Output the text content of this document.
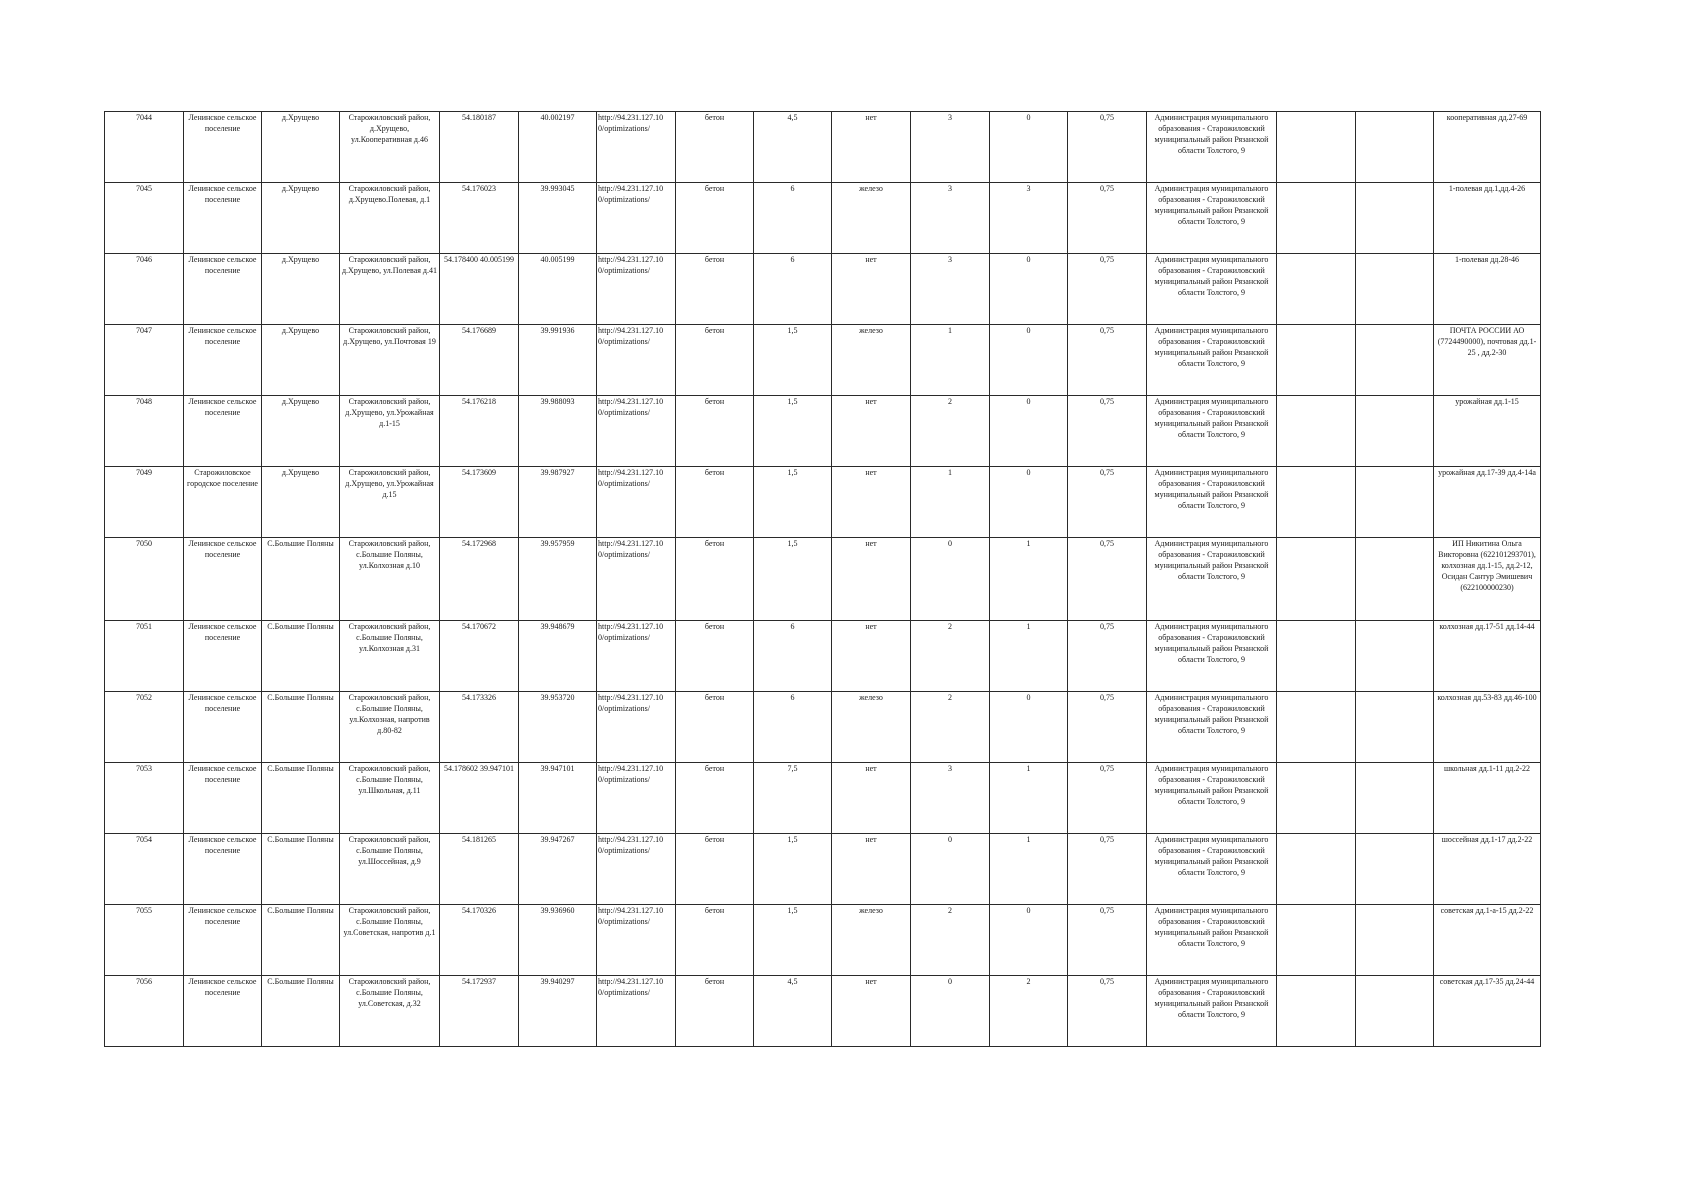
7044	Ленинское сельское поселение	д.Хрущево	Старожиловский район, д.Хрущево, ул.Кооперативная д.46	54.180187	40.002197	http://94.231.127.10 0/optimizations/	бетон	4,5	нет	3	0	0,75	Администрация муниципального образования - Старожиловский муниципальный район Рязанской области Толстого, 9			кооперативная дд.27-69

7045	Ленинское сельское поселение	д.Хрущево	Старожиловский район, д.Хрущево.Полевая, д.1	54.176023	39.993045	http://94.231.127.10 0/optimizations/	бетон	6	железо	3	3	0,75	Администрация муниципального образования - Старожиловский муниципальный район Рязанской области Толстого, 9			1-полевая дд.1,дд.4-26

7046	Ленинское сельское поселение	д.Хрущево	Старожиловский район, д.Хрущево, ул.Полевая д.41	54.178400 40.005199	40.005199	http://94.231.127.10 0/optimizations/	бетон	6	нет	3	0	0,75	Администрация муниципального образования - Старожиловский муниципальный район Рязанской области Толстого, 9			1-полевая дд.28-46

7047	Ленинское сельское поселение	д.Хрущево	Старожиловский район, д.Хрущево, ул.Почтовая 19	54.176689	39.991936	http://94.231.127.10 0/optimizations/	бетон	1,5	железо	1	0	0,75	Администрация муниципального образования - Старожиловский муниципальный район Рязанской области Толстого, 9			ПОЧТА РОССИИ АО (7724490000), почтовая дд.1-25 , дд.2-30

7048	Ленинское сельское поселение	д.Хрущево	Старожиловский район, д.Хрущево, ул.Урожайная д.1-15	54.176218	39.988093	http://94.231.127.10 0/optimizations/	бетон	1,5	нет	2	0	0,75	Администрация муниципального образования - Старожиловский муниципальный район Рязанской области Толстого, 9			урожайная дд.1-15

7049	Старожиловское городское поселение	д.Хрущево	Старожиловский район, д.Хрущево, ул.Урожайная д.15	54.173609	39.987927	http://94.231.127.10 0/optimizations/	бетон	1,5	нет	1	0	0,75	Администрация муниципального образования - Старожиловский муниципальный район Рязанской области Толстого, 9			урожайная дд.17-39 дд.4-14а

7050	Ленинское сельское поселение	С.Большие Поляны	Старожиловский район, с.Большие Поляны, ул.Колхозная д.10	54.172968	39.957959	http://94.231.127.10 0/optimizations/	бетон	1,5	нет	0	1	0,75	Администрация муниципального образования - Старожиловский муниципальный район Рязанской области Толстого, 9			ИП Никитина Ольга Викторовна (622101293701), колхозная дд.1-15, дд.2-12, Осидан Сантур Эмишевич (622100000230)

7051	Ленинское сельское поселение	С.Большие Поляны	Старожиловский район, с.Большие Поляны, ул.Колхозная д.31	54.170672	39.948679	http://94.231.127.10 0/optimizations/	бетон	6	нет	2	1	0,75	Администрация муниципального образования - Старожиловский муниципальный район Рязанской области Толстого, 9			колхозная дд.17-51 дд.14-44

7052	Ленинское сельское поселение	С.Большие Поляны	Старожиловский район, с.Большие Поляны, ул.Колхозная, напротив д.80-82	54.173326	39.953720	http://94.231.127.10 0/optimizations/	бетон	6	железо	2	0	0,75	Администрация муниципального образования - Старожиловский муниципальный район Рязанской области Толстого, 9			колхозная дд.53-83 дд.46-100

7053	Ленинское сельское поселение	С.Большие Поляны	Старожиловский район, с.Большие Поляны, ул.Школьная, д.11	54.178602 39.947101	39.947101	http://94.231.127.10 0/optimizations/	бетон	7,5	нет	3	1	0,75	Администрация муниципального образования - Старожиловский муниципальный район Рязанской области Толстого, 9			школьная дд.1-11 дд.2-22

7054	Ленинское сельское поселение	С.Большие Поляны	Старожиловский район, с.Большие Поляны, ул.Шоссейная, д.9	54.181265	39.947267	http://94.231.127.10 0/optimizations/	бетон	1,5	нет	0	1	0,75	Администрация муниципального образования - Старожиловский муниципальный район Рязанской области Толстого, 9			шоссейная дд.1-17 дд.2-22

7055	Ленинское сельское поселение	С.Большие Поляны	Старожиловский район, с.Большие Поляны, ул.Советская, напротив д.1	54.170326	39.936960	http://94.231.127.10 0/optimizations/	бетон	1,5	железо	2	0	0,75	Администрация муниципального образования - Старожиловский муниципальный район Рязанской области Толстого, 9			советская дд.1-а-15 дд.2-22

7056	Ленинское сельское поселение	С.Большие Поляны	Старожиловский район, с.Большие Поляны, ул.Советская, д.32	54.172937	39.940297	http://94.231.127.10 0/optimizations/	бетон	4,5	нет	0	2	0,75	Администрация муниципального образования - Старожиловский муниципальный район Рязанской области Толстого, 9			советская дд.17-35 дд.24-44
